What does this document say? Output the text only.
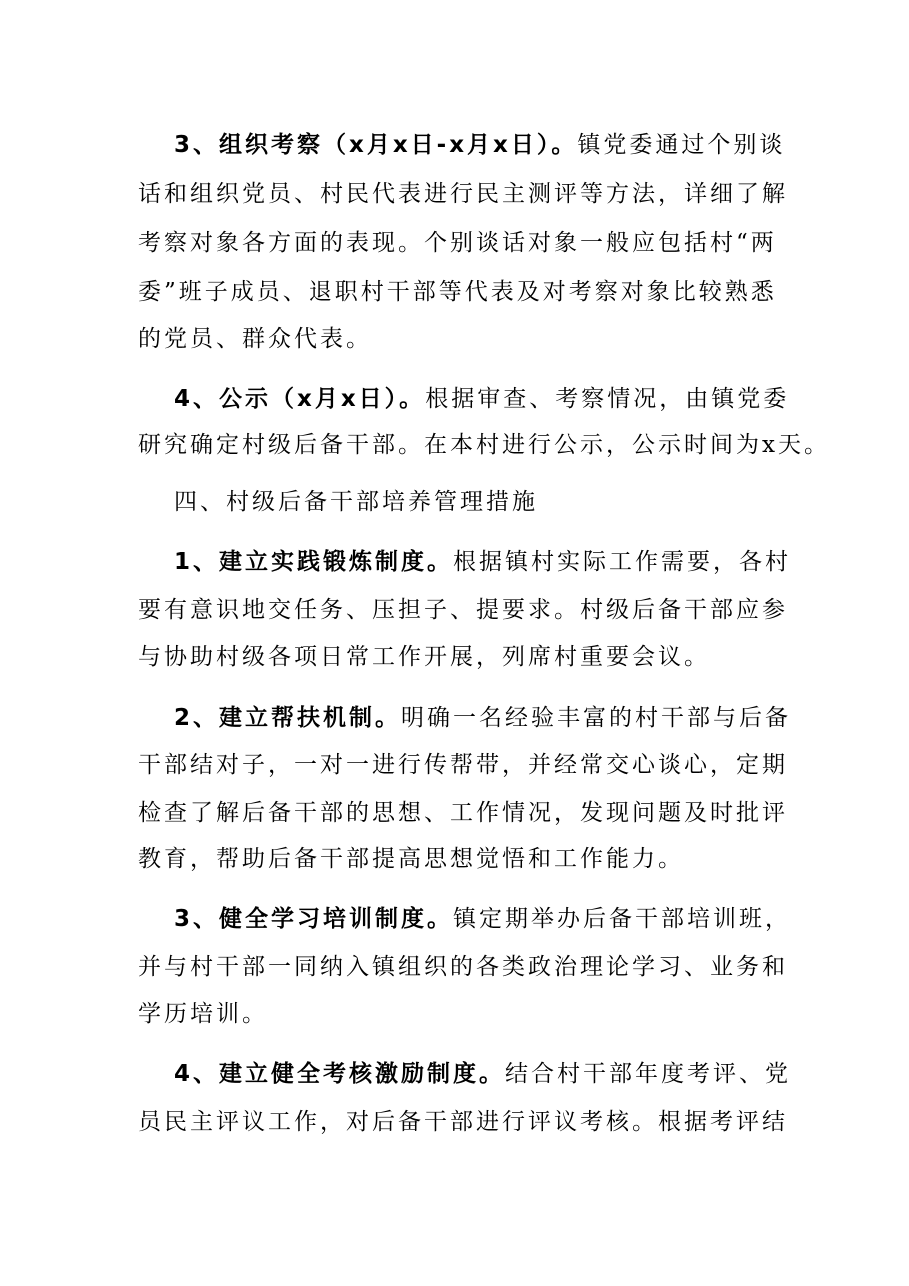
3、组织考察（x月x日-x月x日）。镇党委通过个别谈
话和组织党员、村民代表进行民主测评等方法，详细了解
考察对象各方面的表现。个别谈话对象一般应包括村“两
委”班子成员、退职村干部等代表及对考察对象比较熟悉
的党员、群众代表。
4、公示（x月x日）。根据审查、考察情况，由镇党委
研究确定村级后备干部。在本村进行公示，公示时间为x天。
四、村级后备干部培养管理措施
1、建立实践锻炼制度。根据镇村实际工作需要，各村
要有意识地交任务、压担子、提要求。村级后备干部应参
与协助村级各项日常工作开展，列席村重要会议。
2、建立帮扶机制。明确一名经验丰富的村干部与后备
干部结对子，一对一进行传帮带，并经常交心谈心，定期
检查了解后备干部的思想、工作情况，发现问题及时批评
教育，帮助后备干部提高思想觉悟和工作能力。
3、健全学习培训制度。镇定期举办后备干部培训班，
并与村干部一同纳入镇组织的各类政治理论学习、业务和
学历培训。
4、建立健全考核激励制度。结合村干部年度考评、党
员民主评议工作，对后备干部进行评议考核。根据考评结
